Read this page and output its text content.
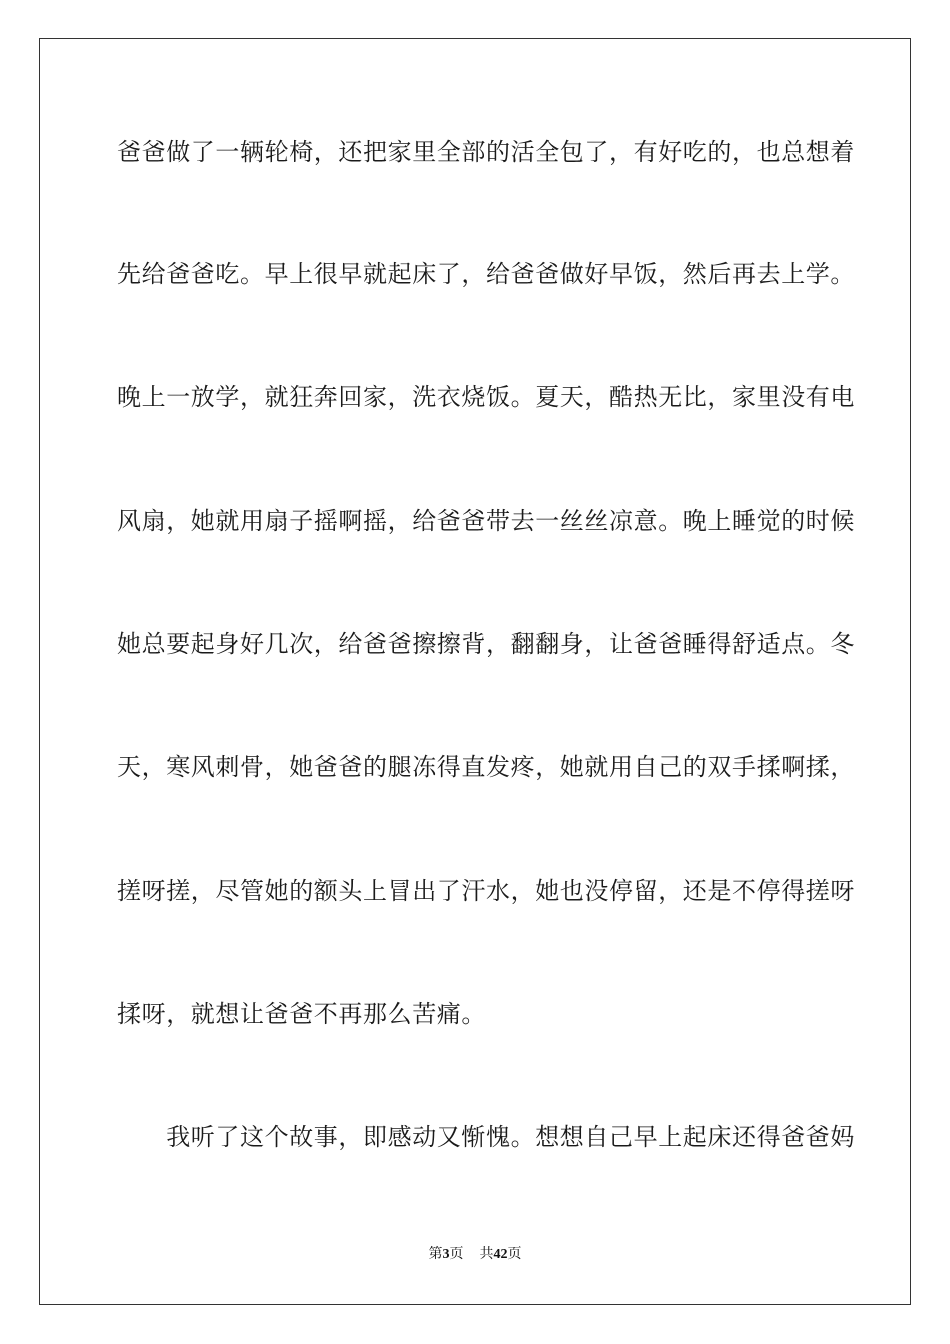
爸爸做了一辆轮椅，还把家里全部的活全包了，有好吃的，也总想着
先给爸爸吃。早上很早就起床了，给爸爸做好早饭，然后再去上学。
晚上一放学，就狂奔回家，洗衣烧饭。夏天，酷热无比，家里没有电
风扇，她就用扇子摇啊摇，给爸爸带去一丝丝凉意。晚上睡觉的时候
她总要起身好几次，给爸爸擦擦背，翻翻身，让爸爸睡得舒适点。冬
天，寒风刺骨，她爸爸的腿冻得直发疼，她就用自己的双手揉啊揉，
搓呀搓，尽管她的额头上冒出了汗水，她也没停留，还是不停得搓呀
揉呀，就想让爸爸不再那么苦痛。
　　我听了这个故事，即感动又惭愧。想想自己早上起床还得爸爸妈
第3页 共42页
